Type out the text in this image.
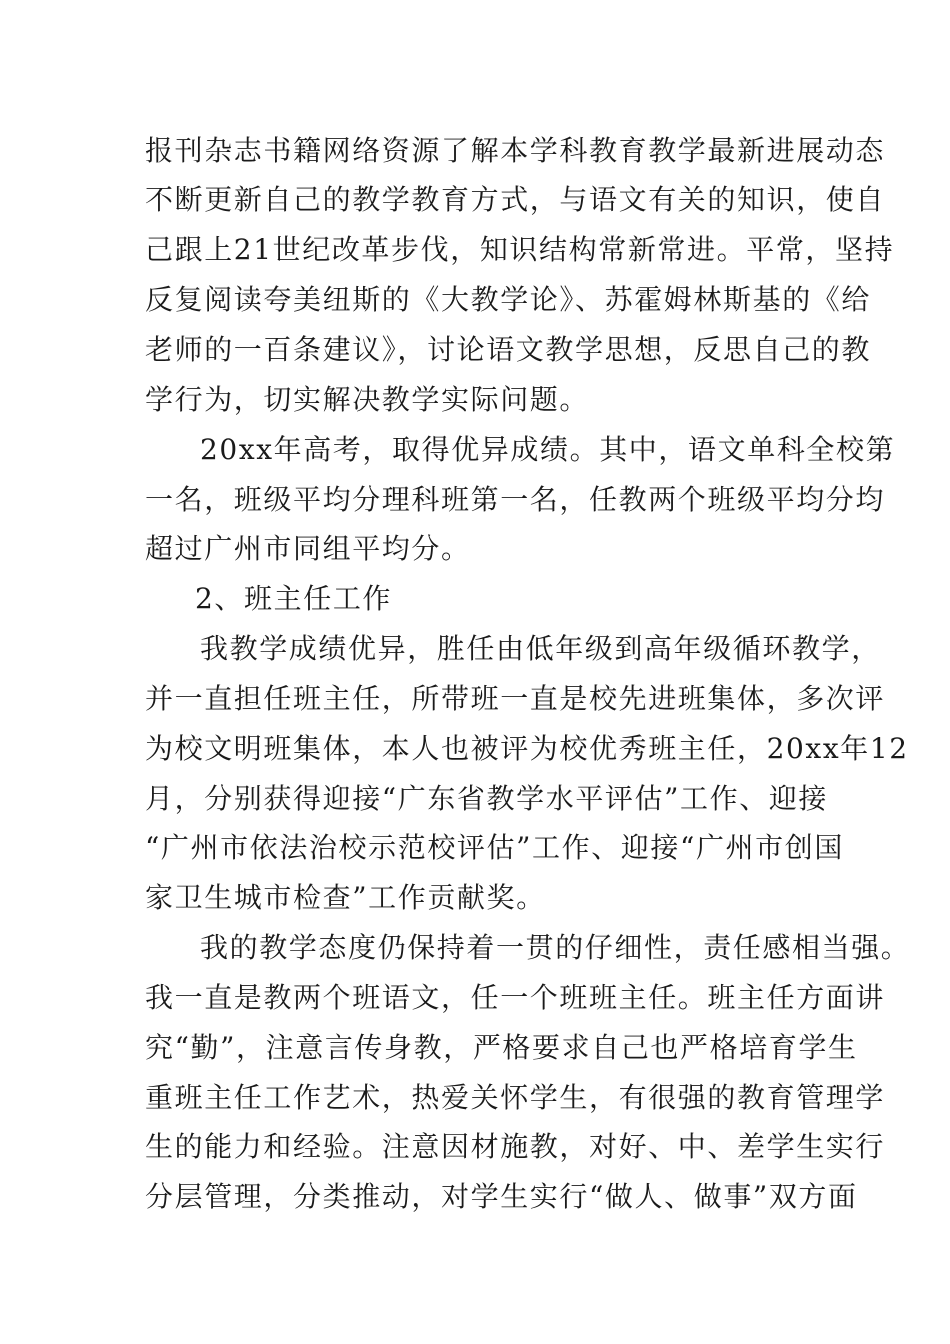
报刊杂志书籍网络资源了解本学科教育教学最新进展动态
不断更新自己的教学教育方式，与语文有关的知识，使自
己跟上21世纪改革步伐，知识结构常新常进。平常，坚持
反复阅读夸美纽斯的《大教学论》、苏霍姆林斯基的《给
老师的一百条建议》，讨论语文教学思想，反思自己的教
学行为，切实解决教学实际问题。
20xx年高考，取得优异成绩。其中，语文单科全校第
一名，班级平均分理科班第一名，任教两个班级平均分均
超过广州市同组平均分。
2、班主任工作
我教学成绩优异，胜任由低年级到高年级循环教学，
并一直担任班主任，所带班一直是校先进班集体，多次评
为校文明班集体，本人也被评为校优秀班主任，20xx年12
月，分别获得迎接“广东省教学水平评估”工作、迎接
“广州市依法治校示范校评估”工作、迎接“广州市创国
家卫生城市检查”工作贡献奖。
我的教学态度仍保持着一贯的仔细性，责任感相当强。
我一直是教两个班语文，任一个班班主任。班主任方面讲
究“勤”，注意言传身教，严格要求自己也严格培育学生
重班主任工作艺术，热爱关怀学生，有很强的教育管理学
生的能力和经验。注意因材施教，对好、中、差学生实行
分层管理，分类推动，对学生实行“做人、做事”双方面
